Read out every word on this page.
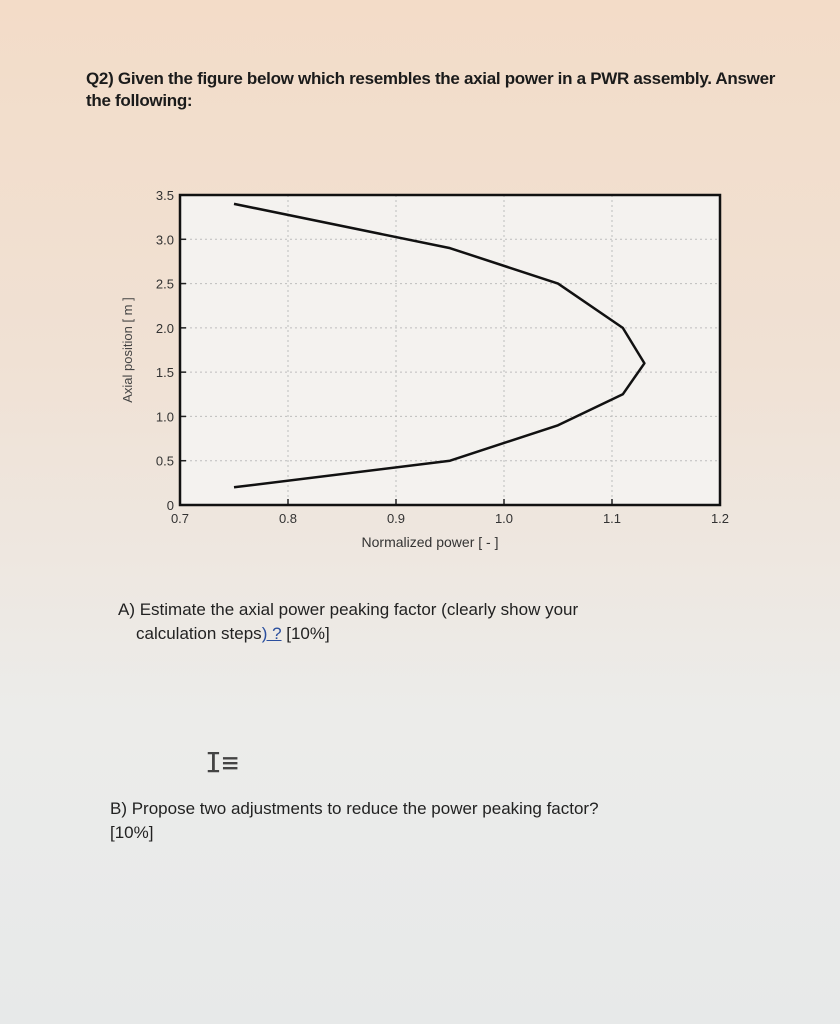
Q2) Given the figure below which resembles the axial power in a PWR assembly. Answer the following:
0.7	0.8	0.9	1.0	1.1	1.2
0
0.5
1.0
1.5
2.0
2.5
3.0
3.5
Normalized power [ - ]
Axial position [ m ]
A) Estimate the axial power peaking factor (clearly show your
calculation steps) ? [10%]
I≡
B) Propose two adjustments to reduce the power peaking factor?
[10%]
